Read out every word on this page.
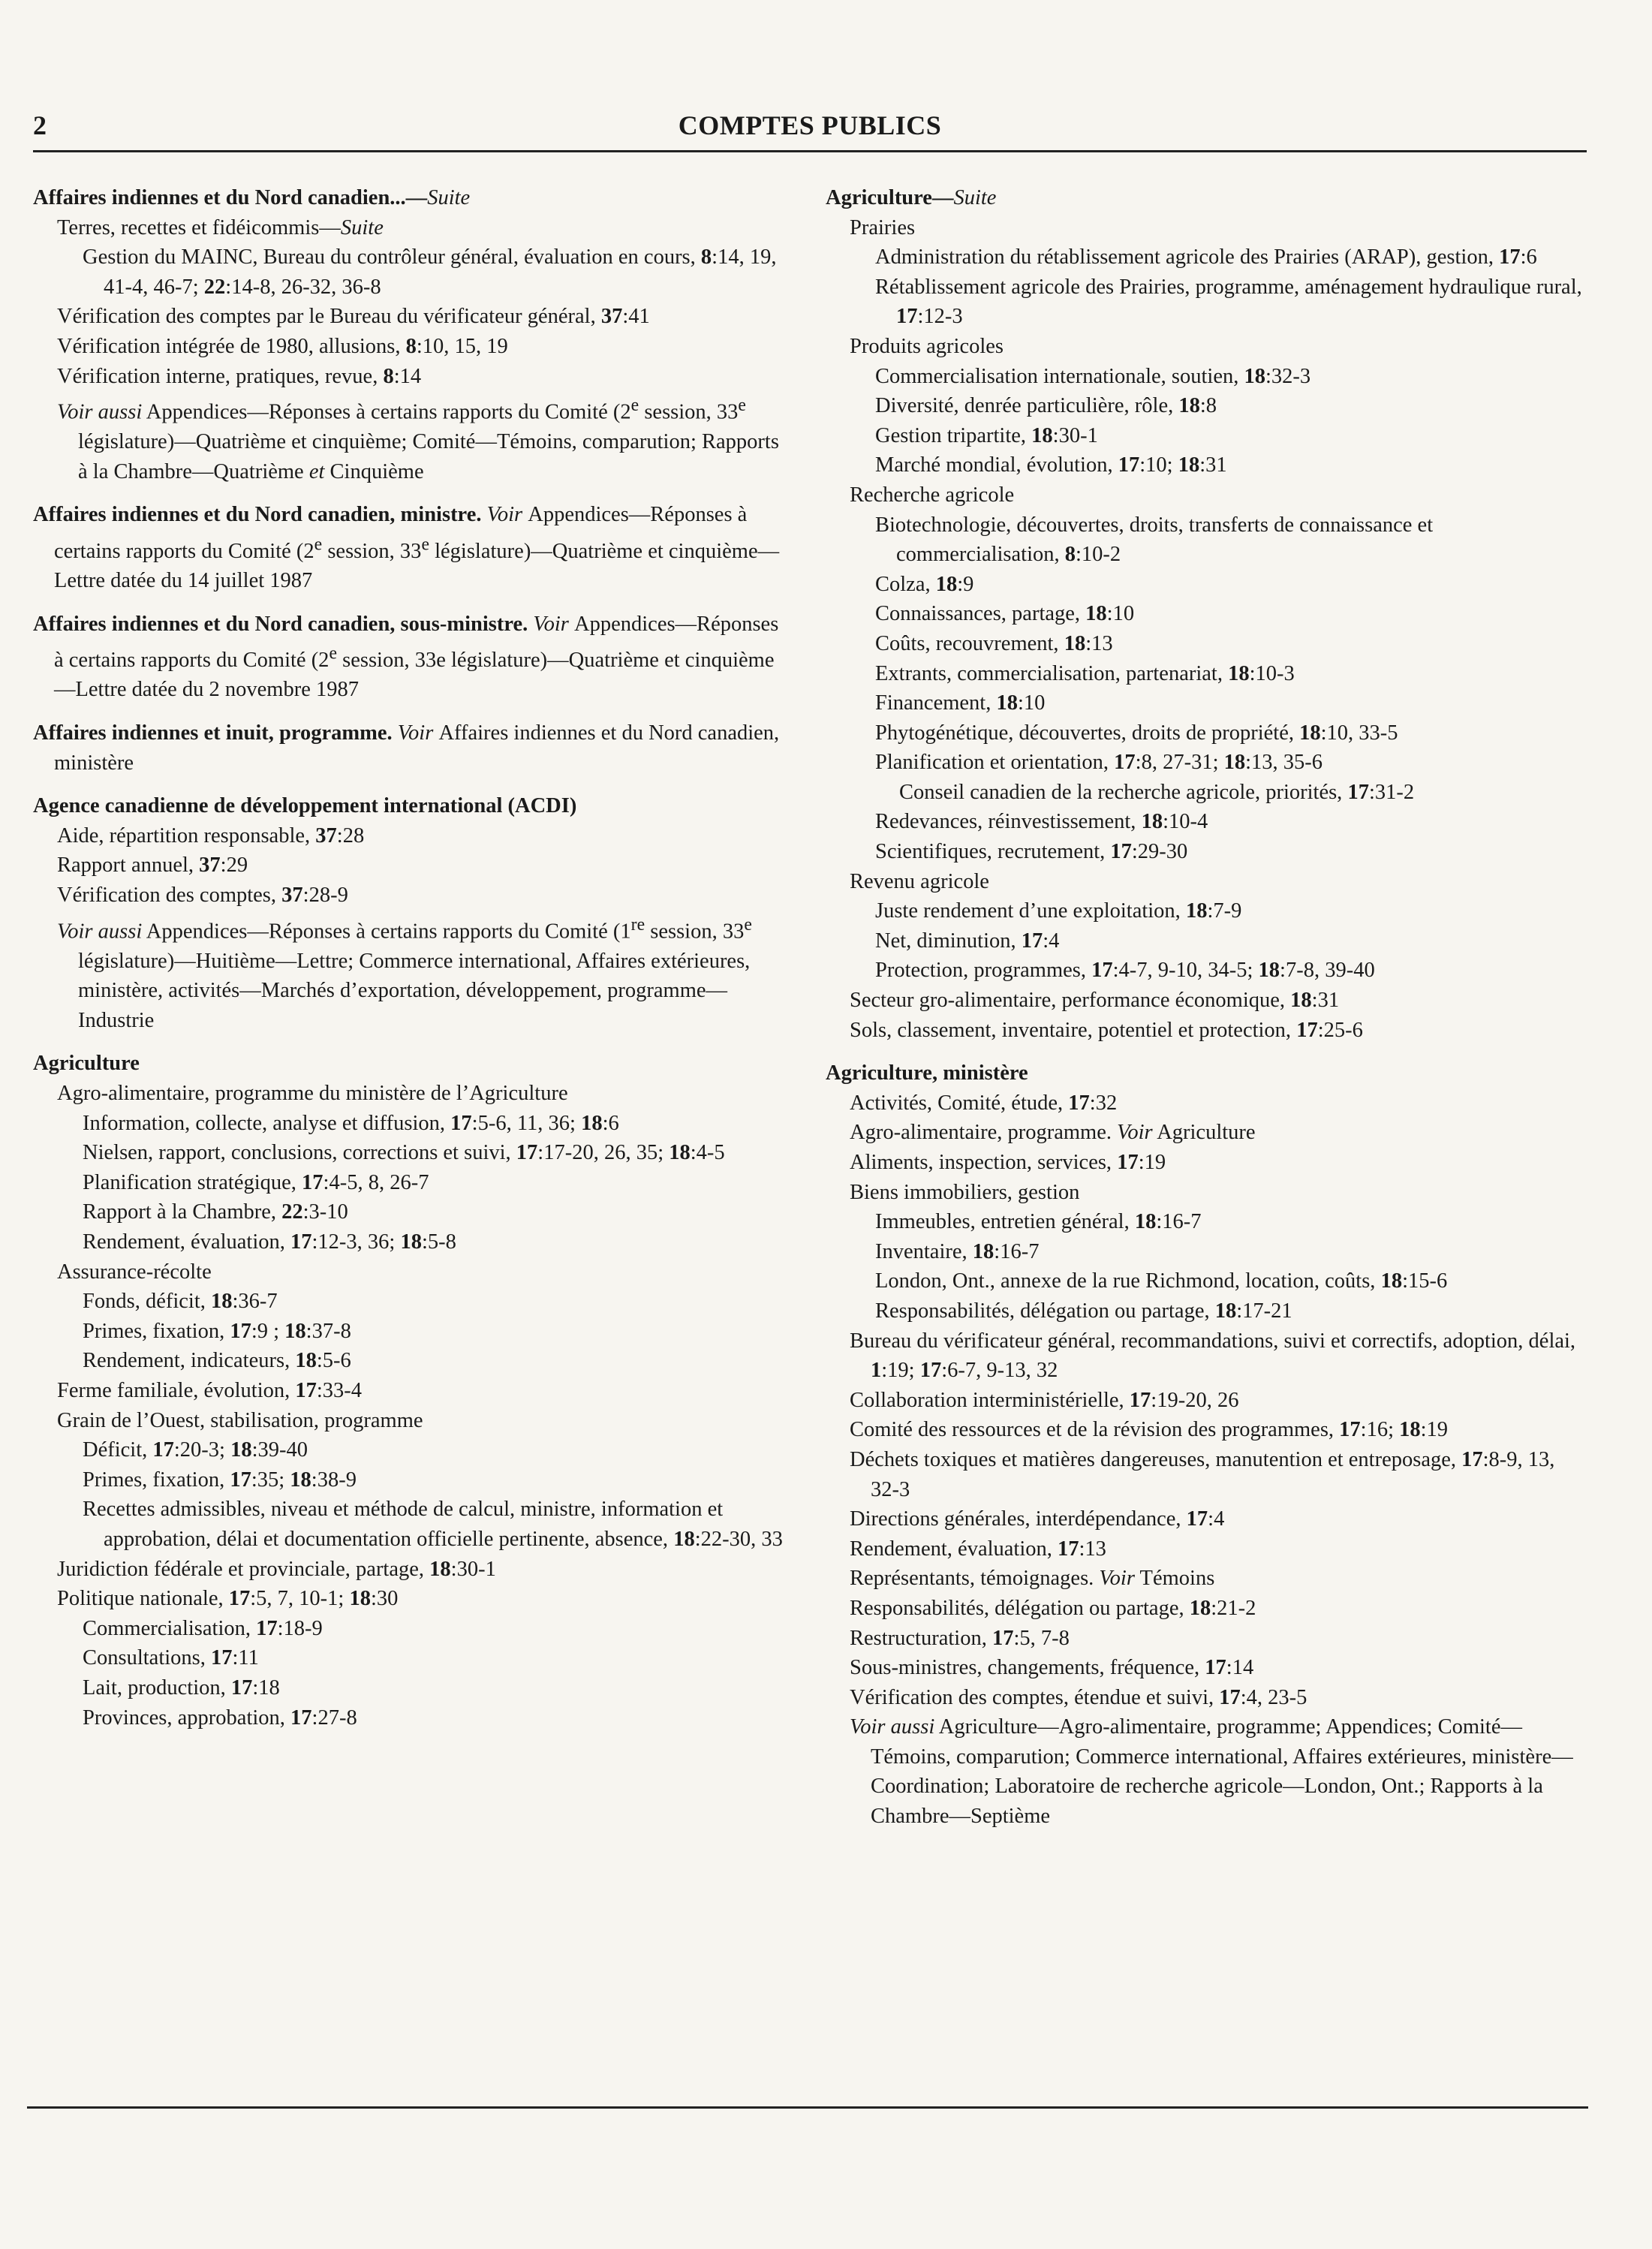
2	COMPTES PUBLICS
Affaires indiennes et du Nord canadien...—Suite
Terres, recettes et fidéicommis—Suite
Gestion du MAINC, Bureau du contrôleur général, évaluation en cours, 8:14, 19, 41-4, 46-7; 22:14-8, 26-32, 36-8
Vérification des comptes par le Bureau du vérificateur général, 37:41
Vérification intégrée de 1980, allusions, 8:10, 15, 19
Vérification interne, pratiques, revue, 8:14
Voir aussi Appendices—Réponses à certains rapports du Comité (2e session, 33e législature)—Quatrième et cinquième; Comité—Témoins, comparution; Rapports à la Chambre—Quatrième et Cinquième
Affaires indiennes et du Nord canadien, ministre. Voir Appendices—Réponses à certains rapports du Comité (2e session, 33e législature)—Quatrième et cinquième—Lettre datée du 14 juillet 1987
Affaires indiennes et du Nord canadien, sous-ministre. Voir Appendices—Réponses à certains rapports du Comité (2e session, 33e législature)—Quatrième et cinquième—Lettre datée du 2 novembre 1987
Affaires indiennes et inuit, programme. Voir Affaires indiennes et du Nord canadien, ministère
Agence canadienne de développement international (ACDI)
Aide, répartition responsable, 37:28
Rapport annuel, 37:29
Vérification des comptes, 37:28-9
Voir aussi Appendices—Réponses à certains rapports du Comité (1re session, 33e législature)—Huitième—Lettre; Commerce international, Affaires extérieures, ministère, activités—Marchés d’exportation, développement, programme—Industrie
Agriculture
Agro-alimentaire, programme du ministère de l’Agriculture
Information, collecte, analyse et diffusion, 17:5-6, 11, 36; 18:6
Nielsen, rapport, conclusions, corrections et suivi, 17:17-20, 26, 35; 18:4-5
Planification stratégique, 17:4-5, 8, 26-7
Rapport à la Chambre, 22:3-10
Rendement, évaluation, 17:12-3, 36; 18:5-8
Assurance-récolte
Fonds, déficit, 18:36-7
Primes, fixation, 17:9 ; 18:37-8
Rendement, indicateurs, 18:5-6
Ferme familiale, évolution, 17:33-4
Grain de l’Ouest, stabilisation, programme
Déficit, 17:20-3; 18:39-40
Primes, fixation, 17:35; 18:38-9
Recettes admissibles, niveau et méthode de calcul, ministre, information et approbation, délai et documentation officielle pertinente, absence, 18:22-30, 33
Juridiction fédérale et provinciale, partage, 18:30-1
Politique nationale, 17:5, 7, 10-1; 18:30
Commercialisation, 17:18-9
Consultations, 17:11
Lait, production, 17:18
Provinces, approbation, 17:27-8
Agriculture—Suite
Prairies
Administration du rétablissement agricole des Prairies (ARAP), gestion, 17:6
Rétablissement agricole des Prairies, programme, aménagement hydraulique rural, 17:12-3
Produits agricoles
Commercialisation internationale, soutien, 18:32-3
Diversité, denrée particulière, rôle, 18:8
Gestion tripartite, 18:30-1
Marché mondial, évolution, 17:10; 18:31
Recherche agricole
Biotechnologie, découvertes, droits, transferts de connaissance et commercialisation, 8:10-2
Colza, 18:9
Connaissances, partage, 18:10
Coûts, recouvrement, 18:13
Extrants, commercialisation, partenariat, 18:10-3
Financement, 18:10
Phytogénétique, découvertes, droits de propriété, 18:10, 33-5
Planification et orientation, 17:8, 27-31; 18:13, 35-6
Conseil canadien de la recherche agricole, priorités, 17:31-2
Redevances, réinvestissement, 18:10-4
Scientifiques, recrutement, 17:29-30
Revenu agricole
Juste rendement d’une exploitation, 18:7-9
Net, diminution, 17:4
Protection, programmes, 17:4-7, 9-10, 34-5; 18:7-8, 39-40
Secteur gro-alimentaire, performance économique, 18:31
Sols, classement, inventaire, potentiel et protection, 17:25-6
Agriculture, ministère
Activités, Comité, étude, 17:32
Agro-alimentaire, programme. Voir Agriculture
Aliments, inspection, services, 17:19
Biens immobiliers, gestion
Immeubles, entretien général, 18:16-7
Inventaire, 18:16-7
London, Ont., annexe de la rue Richmond, location, coûts, 18:15-6
Responsabilités, délégation ou partage, 18:17-21
Bureau du vérificateur général, recommandations, suivi et correctifs, adoption, délai, 1:19; 17:6-7, 9-13, 32
Collaboration interministérielle, 17:19-20, 26
Comité des ressources et de la révision des programmes, 17:16; 18:19
Déchets toxiques et matières dangereuses, manutention et entreposage, 17:8-9, 13, 32-3
Directions générales, interdépendance, 17:4
Rendement, évaluation, 17:13
Représentants, témoignages. Voir Témoins
Responsabilités, délégation ou partage, 18:21-2
Restructuration, 17:5, 7-8
Sous-ministres, changements, fréquence, 17:14
Vérification des comptes, étendue et suivi, 17:4, 23-5
Voir aussi Agriculture—Agro-alimentaire, programme; Appendices; Comité—Témoins, comparution; Commerce international, Affaires extérieures, ministère—Coordination; Laboratoire de recherche agricole—London, Ont.; Rapports à la Chambre—Septième
